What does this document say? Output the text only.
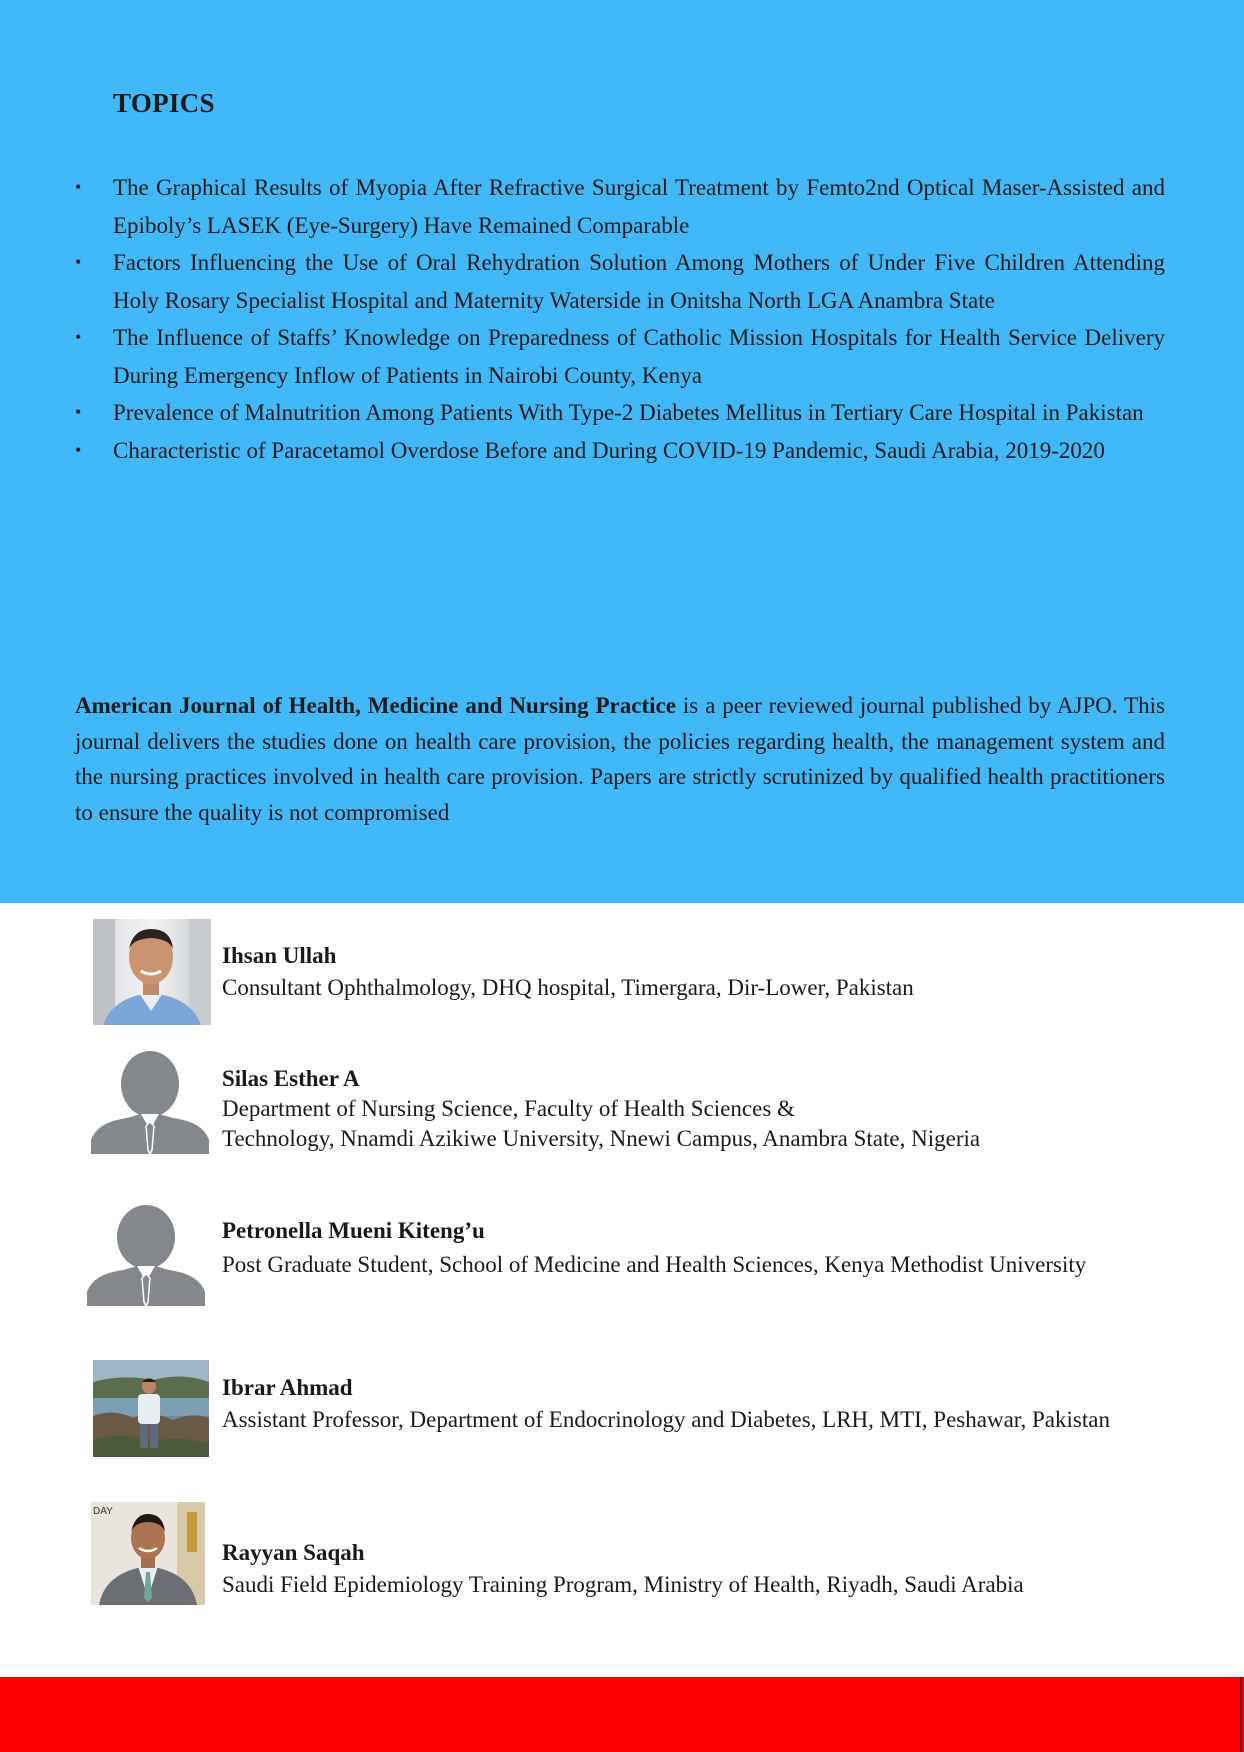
TOPICS
•	The Graphical Results of Myopia After Refractive Surgical Treatment by Femto2nd Optical Maser-Assisted and Epiboly’s LASEK (Eye-Surgery) Have Remained Comparable
•	Factors Influencing the Use of Oral Rehydration Solution Among Mothers of Under Five Children Attending Holy Rosary Specialist Hospital and Maternity Waterside in Onitsha North LGA Anambra State
•	The Influence of Staffs’ Knowledge on Preparedness of Catholic Mission Hospitals for Health Service Delivery During Emergency Inflow of Patients in Nairobi County, Kenya
•	Prevalence of Malnutrition Among Patients With Type-2 Diabetes Mellitus in Tertiary Care Hospital in Pakistan
•	Characteristic of Paracetamol Overdose Before and During COVID-19 Pandemic, Saudi Arabia, 2019-2020

American Journal of Health, Medicine and Nursing Practice is a peer reviewed journal published by AJPO. This journal delivers the studies done on health care provision, the policies regarding health, the management system and the nursing practices involved in health care provision. Papers are strictly scrutinized by qualified health practitioners to ensure the quality is not compromised

Ihsan Ullah
Consultant Ophthalmology, DHQ hospital, Timergara, Dir-Lower, Pakistan
Silas Esther A
Department of Nursing Science, Faculty of Health Sciences &
Technology, Nnamdi Azikiwe University, Nnewi Campus, Anambra State, Nigeria
Petronella Mueni Kiteng’u
Post Graduate Student, School of Medicine and Health Sciences, Kenya Methodist University
Ibrar Ahmad
Assistant Professor, Department of Endocrinology and Diabetes, LRH, MTI, Peshawar, Pakistan
DAY
Rayyan Saqah
Saudi Field Epidemiology Training Program, Ministry of Health, Riyadh, Saudi Arabia
